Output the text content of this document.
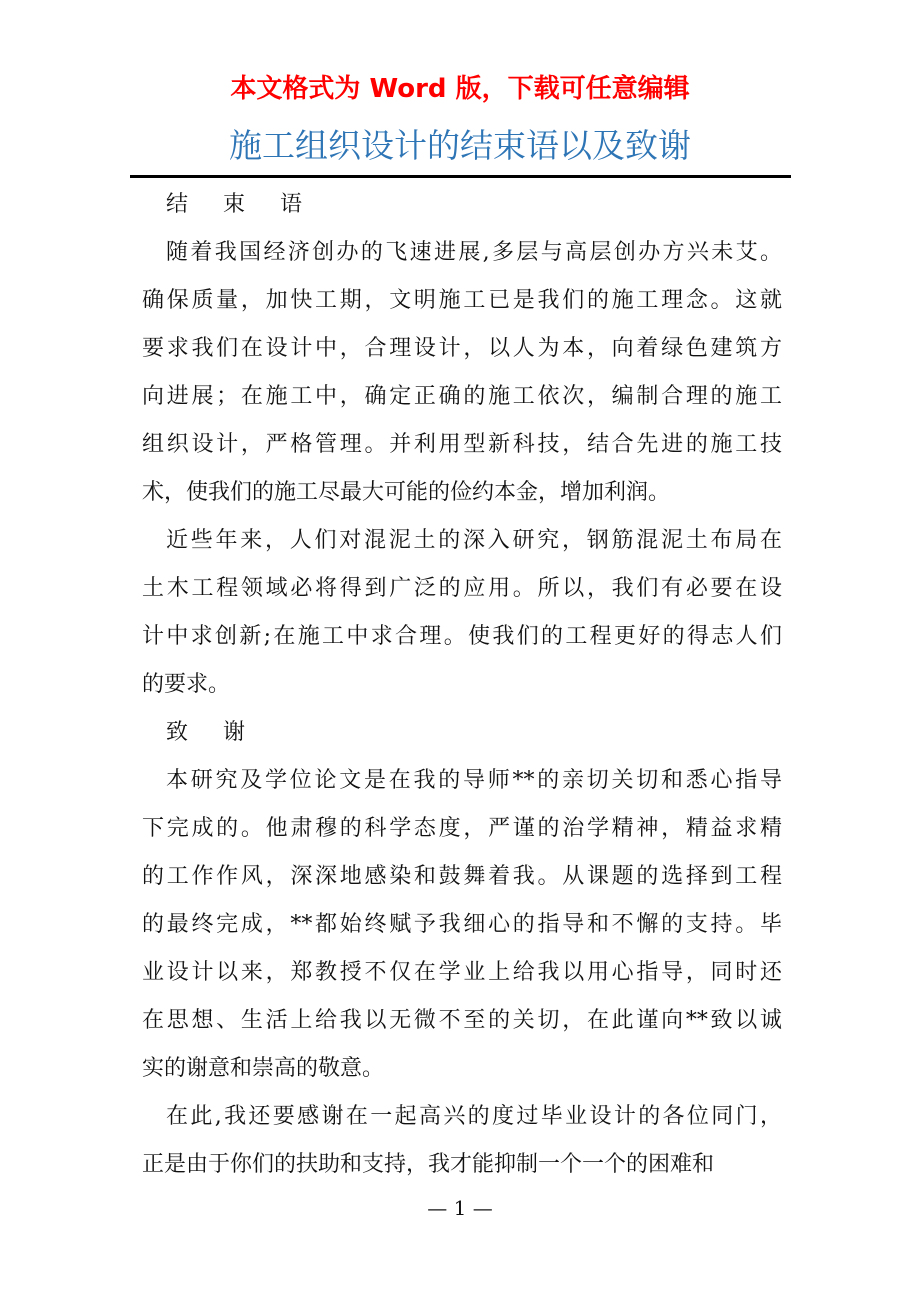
本文格式为 Word 版，下载可任意编辑
施工组织设计的结束语以及致谢
结 束 语
随着我国经济创办的飞速进展,多层与高层创办方兴未艾。
确保质量，加快工期，文明施工已是我们的施工理念。这就
要求我们在设计中，合理设计，以人为本，向着绿色建筑方
向进展；在施工中，确定正确的施工依次，编制合理的施工
组织设计，严格管理。并利用型新科技，结合先进的施工技
术，使我们的施工尽最大可能的俭约本金，增加利润。
近些年来，人们对混泥土的深入研究，钢筋混泥土布局在
土木工程领域必将得到广泛的应用。所以，我们有必要在设
计中求创新;在施工中求合理。使我们的工程更好的得志人们
的要求。
致 谢
本研究及学位论文是在我的导师**的亲切关切和悉心指导
下完成的。他肃穆的科学态度，严谨的治学精神，精益求精
的工作作风，深深地感染和鼓舞着我。从课题的选择到工程
的最终完成，**都始终赋予我细心的指导和不懈的支持。毕
业设计以来，郑教授不仅在学业上给我以用心指导，同时还
在思想、生活上给我以无微不至的关切，在此谨向**致以诚
实的谢意和崇高的敬意。
在此,我还要感谢在一起高兴的度过毕业设计的各位同门，
正是由于你们的扶助和支持，我才能抑制一个一个的困难和
— 1 —
